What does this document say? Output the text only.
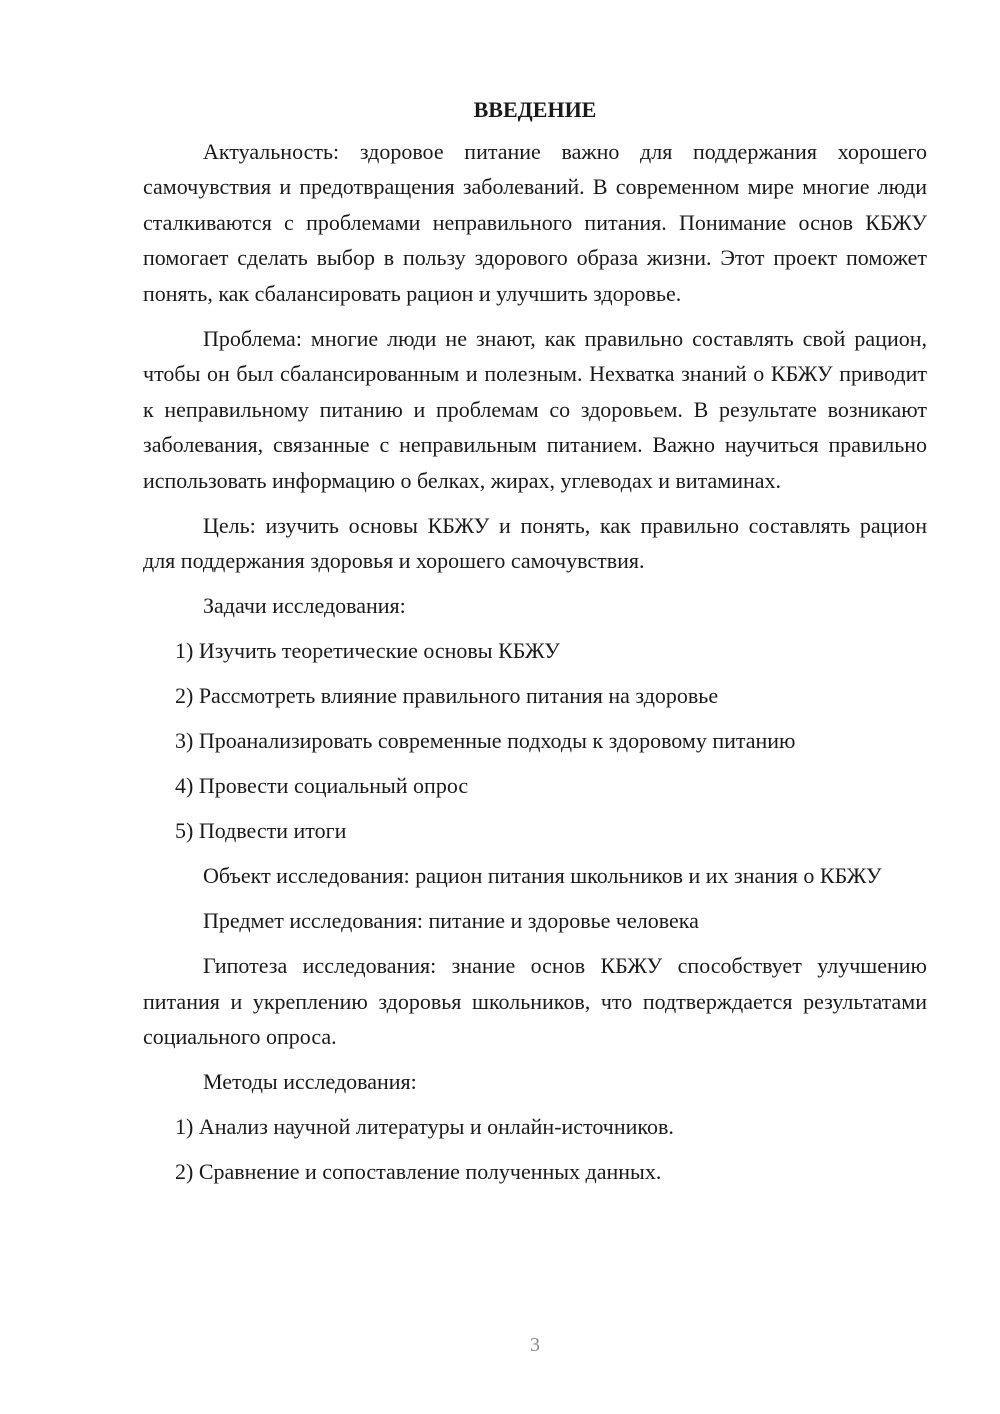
ВВЕДЕНИЕ

Актуальность: здоровое питание важно для поддержания хорошего самочувствия и предотвращения заболеваний. В современном мире многие люди сталкиваются с проблемами неправильного питания. Понимание основ КБЖУ помогает сделать выбор в пользу здорового образа жизни. Этот проект поможет понять, как сбалансировать рацион и улучшить здоровье.

Проблема: многие люди не знают, как правильно составлять свой рацион, чтобы он был сбалансированным и полезным. Нехватка знаний о КБЖУ приводит к неправильному питанию и проблемам со здоровьем. В результате возникают заболевания, связанные с неправильным питанием. Важно научиться правильно использовать информацию о белках, жирах, углеводах и витаминах.

Цель: изучить основы КБЖУ и понять, как правильно составлять рацион для поддержания здоровья и хорошего самочувствия.

Задачи исследования:

1) Изучить теоретические основы КБЖУ
2) Рассмотреть влияние правильного питания на здоровье
3) Проанализировать современные подходы к здоровому питанию
4) Провести социальный опрос
5) Подвести итоги

Объект исследования: рацион питания школьников и их знания о КБЖУ

Предмет исследования: питание и здоровье человека

Гипотеза исследования: знание основ КБЖУ способствует улучшению питания и укреплению здоровья школьников, что подтверждается результатами социального опроса.

Методы исследования:

1) Анализ научной литературы и онлайн-источников.
2) Сравнение и сопоставление полученных данных.
3
